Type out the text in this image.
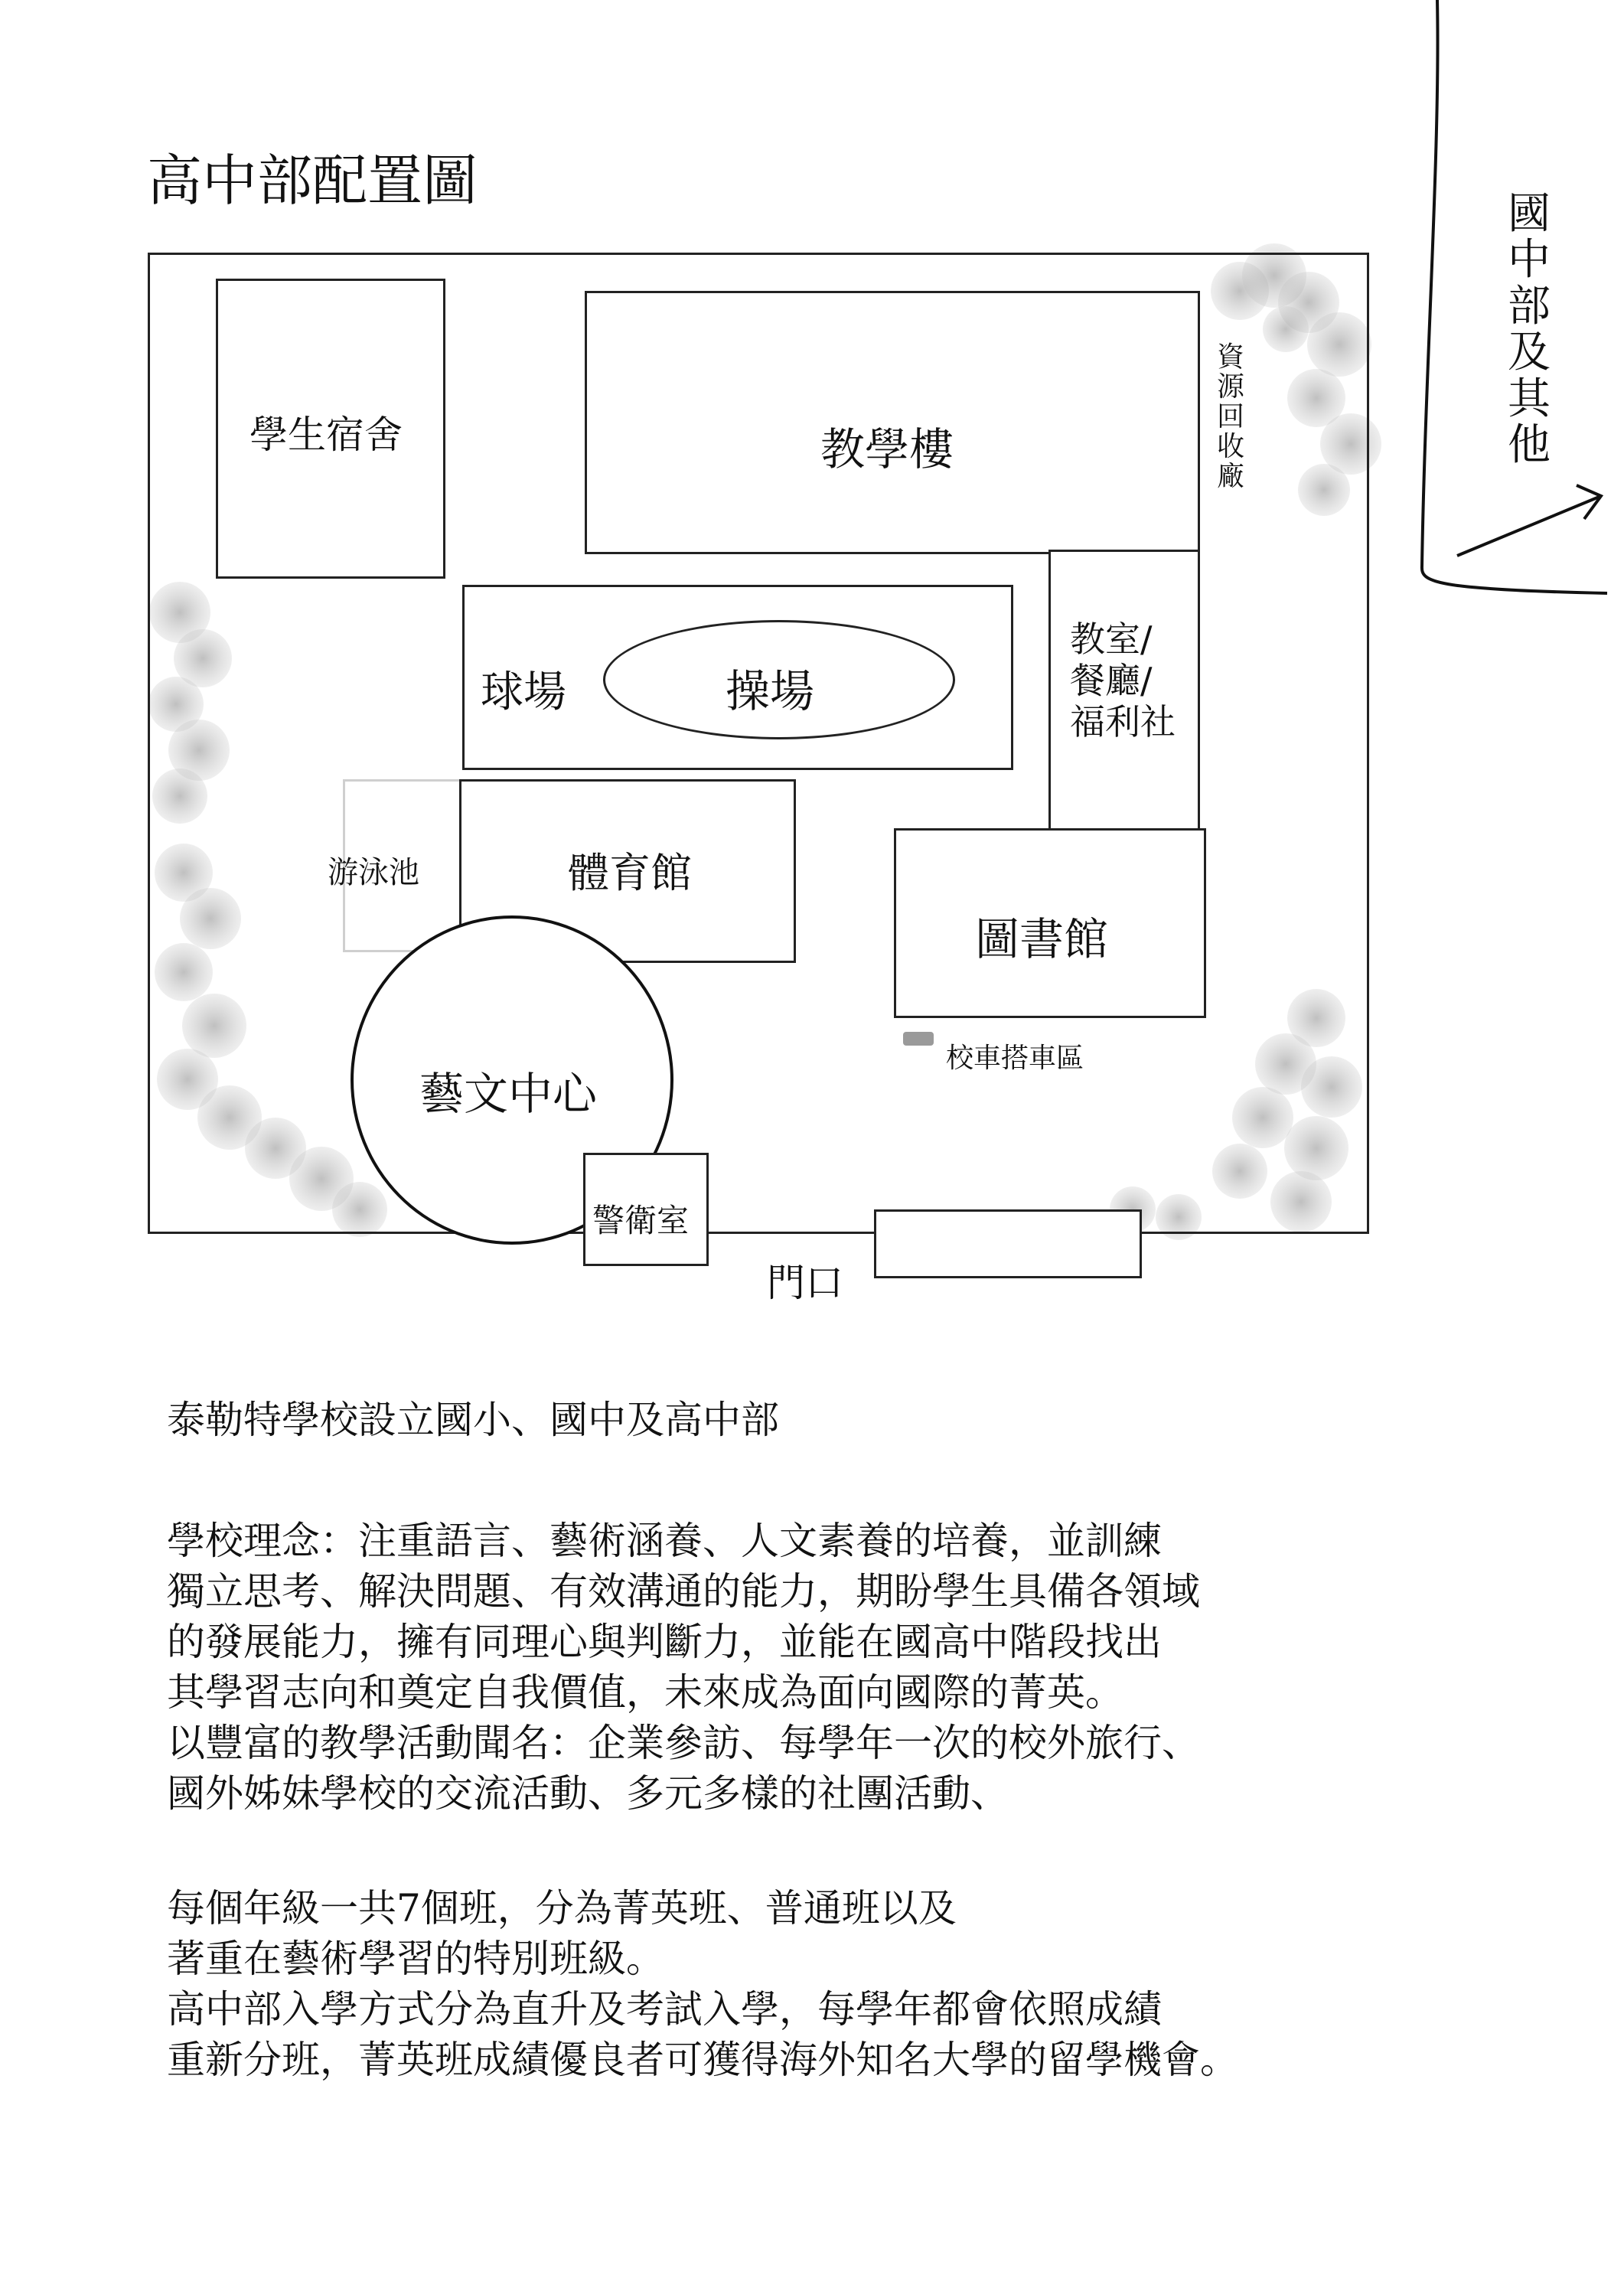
高中部配置圖
學生宿舍	教學樓
資
源
回
收
廠
球場	操場
教室/
餐廳/
福利社
游泳池	體育館
圖書館
校車搭車區
藝文中心
警衛室
門口
國
中
部
及
其
他
泰勒特學校設立國小、國中及高中部
學校理念：注重語言、藝術涵養、人文素養的培養，並訓練
獨立思考、解決問題、有效溝通的能力，期盼學生具備各領域
的發展能力，擁有同理心與判斷力，並能在國高中階段找出
其學習志向和奠定自我價值，未來成為面向國際的菁英。
以豐富的教學活動聞名：企業參訪、每學年一次的校外旅行、
國外姊妹學校的交流活動、多元多樣的社團活動、
每個年級一共7個班，分為菁英班、普通班以及
著重在藝術學習的特別班級。
高中部入學方式分為直升及考試入學，每學年都會依照成績
重新分班，菁英班成績優良者可獲得海外知名大學的留學機會。
